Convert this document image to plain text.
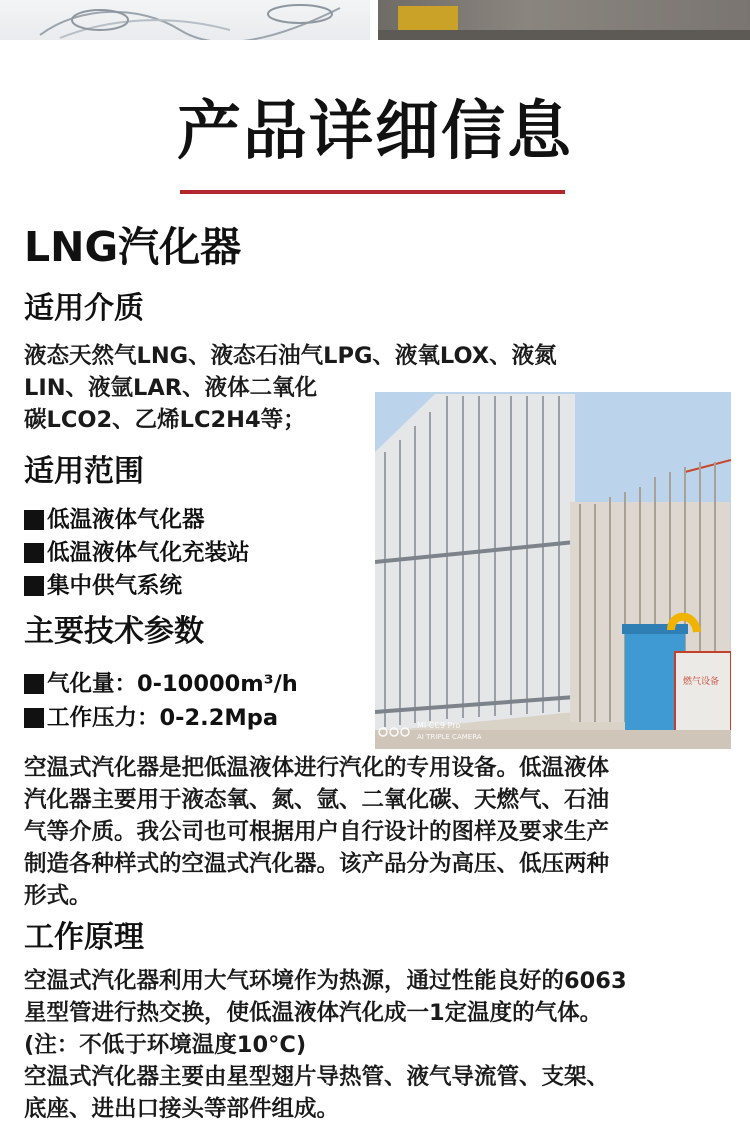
产品详细信息
LNG汽化器
适用介质
液态天然气LNG、液态石油气LPG、液氧LOX、液氮
LIN、液氩LAR、液体二氧化
碳LCO2、乙烯LC2H4等；
燃气设备
MI CC9 Pro
AI TRIPLE CAMERA
适用范围
低温液体气化器
低温液体气化充装站
集中供气系统
主要技术参数
气化量：0-10000m³/h
工作压力：0-2.2Mpa
空温式汽化器是把低温液体进行汽化的专用设备。低温液体
汽化器主要用于液态氧、氮、氩、二氧化碳、天燃气、石油
气等介质。我公司也可根据用户自行设计的图样及要求生产
制造各种样式的空温式汽化器。该产品分为高压、低压两种
形式。
工作原理
空温式汽化器利用大气环境作为热源，通过性能良好的6063
星型管进行热交换，使低温液体汽化成一1定温度的气体。
(注：不低于环境温度10°C)
空温式汽化器主要由星型翅片导热管、液气导流管、支架、
底座、进出口接头等部件组成。
